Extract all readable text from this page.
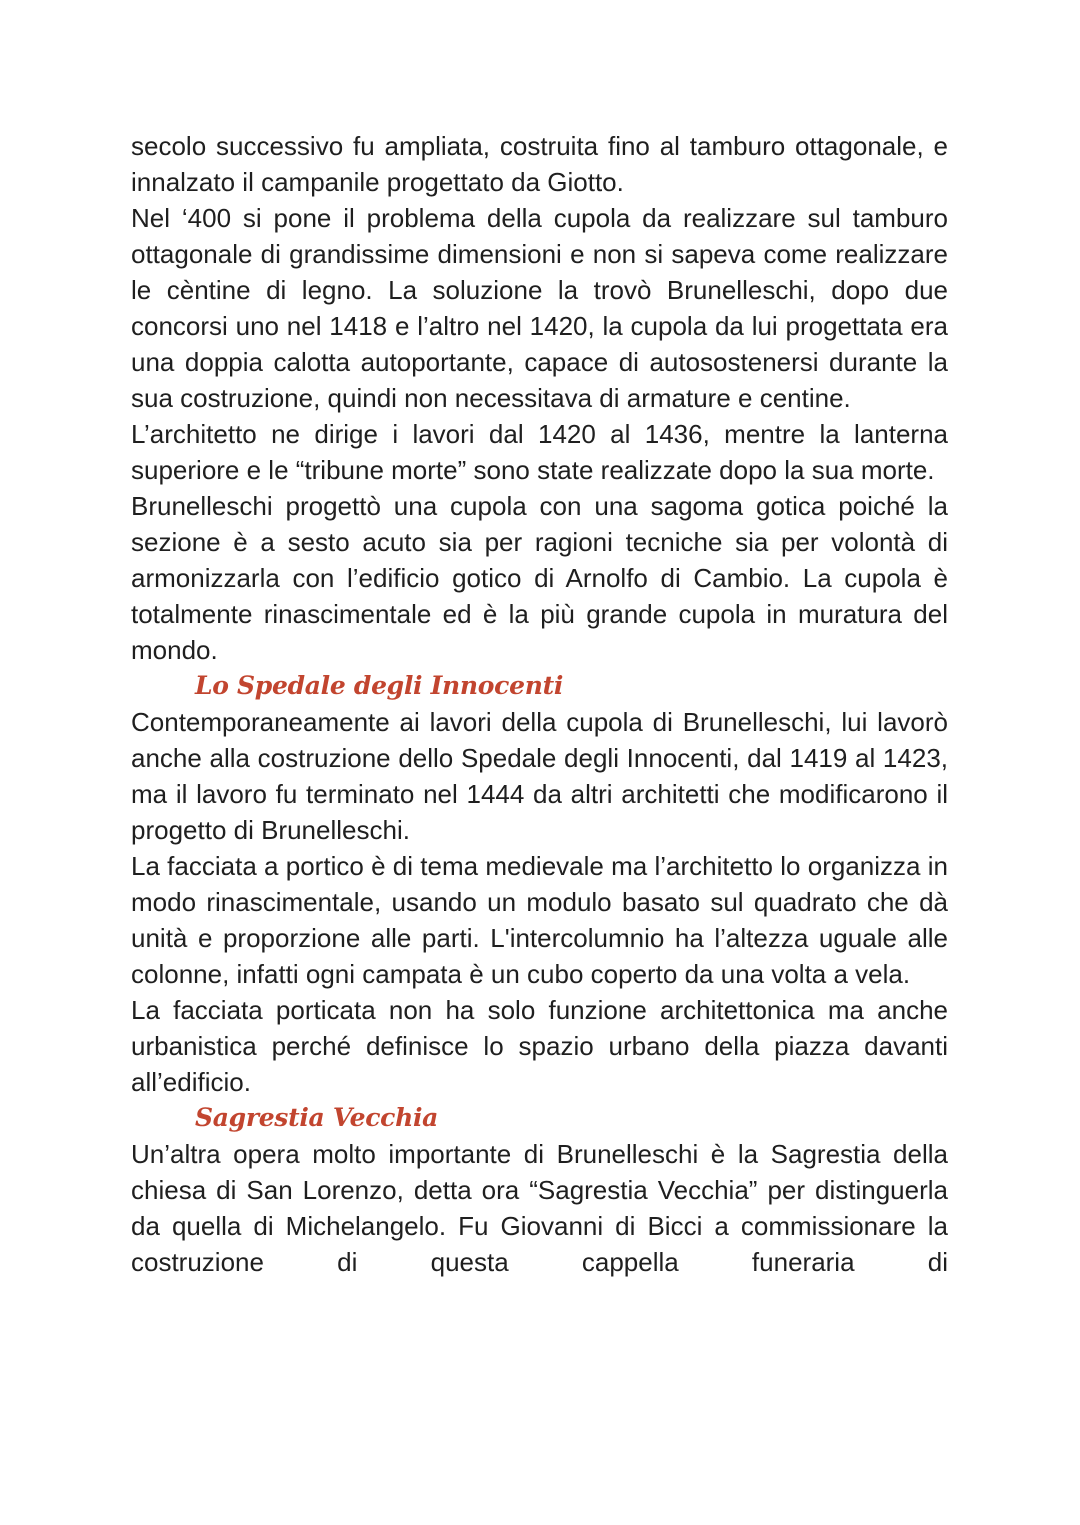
secolo successivo fu ampliata, costruita fino al tamburo ottagonale, e innalzato il campanile progettato da Giotto.

Nel ‘400 si pone il problema della cupola da realizzare sul tamburo ottagonale di grandissime dimensioni e non si sapeva come realizzare le cèntine di legno. La soluzione la trovò Brunelleschi, dopo due concorsi uno nel 1418 e l’altro nel 1420, la cupola da lui progettata era una doppia calotta autoportante, capace di autosostenersi durante la sua costruzione, quindi non necessitava di armature e centine.

L’architetto ne dirige i lavori dal 1420 al 1436, mentre la lanterna superiore e le “tribune morte” sono state realizzate dopo la sua morte.

Brunelleschi progettò una cupola con una sagoma gotica poiché la sezione è a sesto acuto sia per ragioni tecniche sia per volontà di armonizzarla con l’edificio gotico di Arnolfo di Cambio. La cupola è totalmente rinascimentale ed è la più grande cupola in muratura del mondo.

Lo Spedale degli Innocenti

Contemporaneamente ai lavori della cupola di Brunelleschi, lui lavorò anche alla costruzione dello Spedale degli Innocenti, dal 1419 al 1423, ma il lavoro fu terminato nel 1444 da altri architetti che modificarono il progetto di Brunelleschi.

La facciata a portico è di tema medievale ma l’architetto lo organizza in modo rinascimentale, usando un modulo basato sul quadrato che dà unità e proporzione alle parti. L'intercolumnio ha l’altezza uguale alle colonne, infatti ogni campata è un cubo coperto da una volta a vela.

La facciata porticata non ha solo funzione architettonica ma anche urbanistica perché definisce lo spazio urbano della piazza davanti all’edificio.

Sagrestia Vecchia

Un’altra opera molto importante di Brunelleschi è la Sagrestia della chiesa di San Lorenzo, detta ora “Sagrestia Vecchia” per distinguerla da quella di Michelangelo. Fu Giovanni di Bicci a commissionare la costruzione di questa cappella funeraria di
